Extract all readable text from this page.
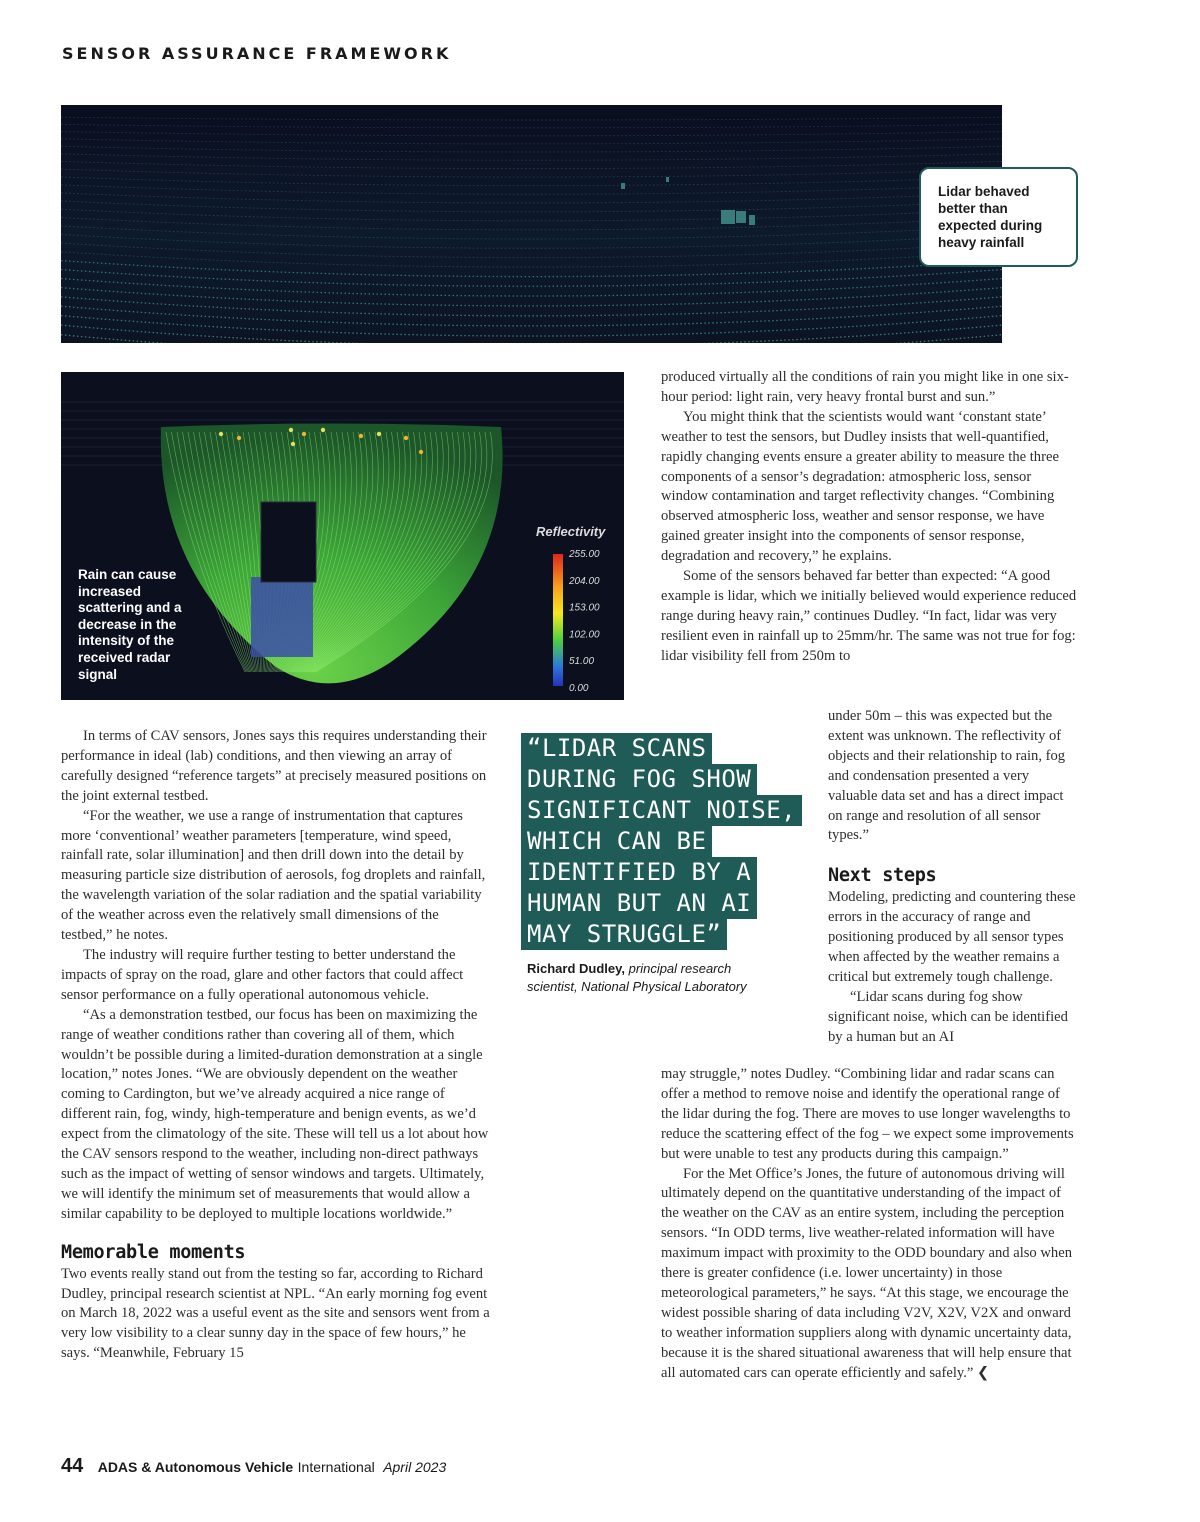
SENSOR ASSURANCE FRAMEWORK
Lidar behaved better than expected during heavy rainfall
Reflectivity
255.00
204.00
153.00
102.00
51.00
0.00
Rain can cause increased scattering and a decrease in the intensity of the received radar signal

In terms of CAV sensors, Jones says this requires understanding their performance in ideal (lab) conditions, and then viewing an array of carefully designed “reference targets” at precisely measured positions on the joint external testbed.

“For the weather, we use a range of instrumentation that captures more ‘conventional’ weather parameters [temperature, wind speed, rainfall rate, solar illumination] and then drill down into the detail by measuring particle size distribution of aerosols, fog droplets and rainfall, the wavelength variation of the solar radiation and the spatial variability of the weather across even the relatively small dimensions of the testbed,” he notes.

The industry will require further testing to better understand the impacts of spray on the road, glare and other factors that could affect sensor performance on a fully operational autonomous vehicle.

“As a demonstration testbed, our focus has been on maximizing the range of weather conditions rather than covering all of them, which wouldn’t be possible during a limited-duration demonstration at a single location,” notes Jones. “We are obviously dependent on the weather coming to Cardington, but we’ve already acquired a nice range of different rain, fog, windy, high-temperature and benign events, as we’d expect from the climatology of the site. These will tell us a lot about how the CAV sensors respond to the weather, including non-direct pathways such as the impact of wetting of sensor windows and targets. Ultimately, we will identify the minimum set of measurements that would allow a similar capability to be deployed to multiple locations worldwide.”

Memorable moments

Two events really stand out from the testing so far, according to Richard Dudley, principal research scientist at NPL. “An early morning fog event on March 18, 2022 was a useful event as the site and sensors went from a very low visibility to a clear sunny day in the space of few hours,” he says. “Meanwhile, February 15

produced virtually all the conditions of rain you might like in one six-hour period: light rain, very heavy frontal burst and sun.”

You might think that the scientists would want ‘constant state’ weather to test the sensors, but Dudley insists that well-quantified, rapidly changing events ensure a greater ability to measure the three components of a sensor’s degradation: atmospheric loss, sensor window contamination and target reflectivity changes. “Combining observed atmospheric loss, weather and sensor response, we have gained greater insight into the components of sensor response, degradation and recovery,” he explains.

Some of the sensors behaved far better than expected: “A good example is lidar, which we initially believed would experience reduced range during heavy rain,” continues Dudley. “In fact, lidar was very resilient even in rainfall up to 25mm/hr. The same was not true for fog: lidar visibility fell from 250m to

under 50m – this was expected but the extent was unknown. The reflectivity of objects and their relationship to rain, fog and condensation presented a very valuable data set and has a direct impact on range and resolution of all sensor types.”

Next steps

Modeling, predicting and countering these errors in the accuracy of range and positioning produced by all sensor types when affected by the weather remains a critical but extremely tough challenge.

“Lidar scans during fog show significant noise, which can be identified by a human but an AI

may struggle,” notes Dudley. “Combining lidar and radar scans can offer a method to remove noise and identify the operational range of the lidar during the fog. There are moves to use longer wavelengths to reduce the scattering effect of the fog – we expect some improvements but were unable to test any products during this campaign.”

For the Met Office’s Jones, the future of autonomous driving will ultimately depend on the quantitative understanding of the impact of the weather on the CAV as an entire system, including the perception sensors. “In ODD terms, live weather-related information will have maximum impact with proximity to the ODD boundary and also when there is greater confidence (i.e. lower uncertainty) in those meteorological parameters,” he says. “At this stage, we encourage the widest possible sharing of data including V2V, X2V, V2X and onward to weather information suppliers along with dynamic uncertainty data, because it is the shared situational awareness that will help ensure that all automated cars can operate efficiently and safely.” ❮

“LIDAR SCANS
DURING FOG SHOW
SIGNIFICANT NOISE,
WHICH CAN BE
IDENTIFIED BY A
HUMAN BUT AN AI
MAY STRUGGLE”
Richard Dudley, principal research scientist, National Physical Laboratory
44 ADAS & Autonomous Vehicle International April 2023
